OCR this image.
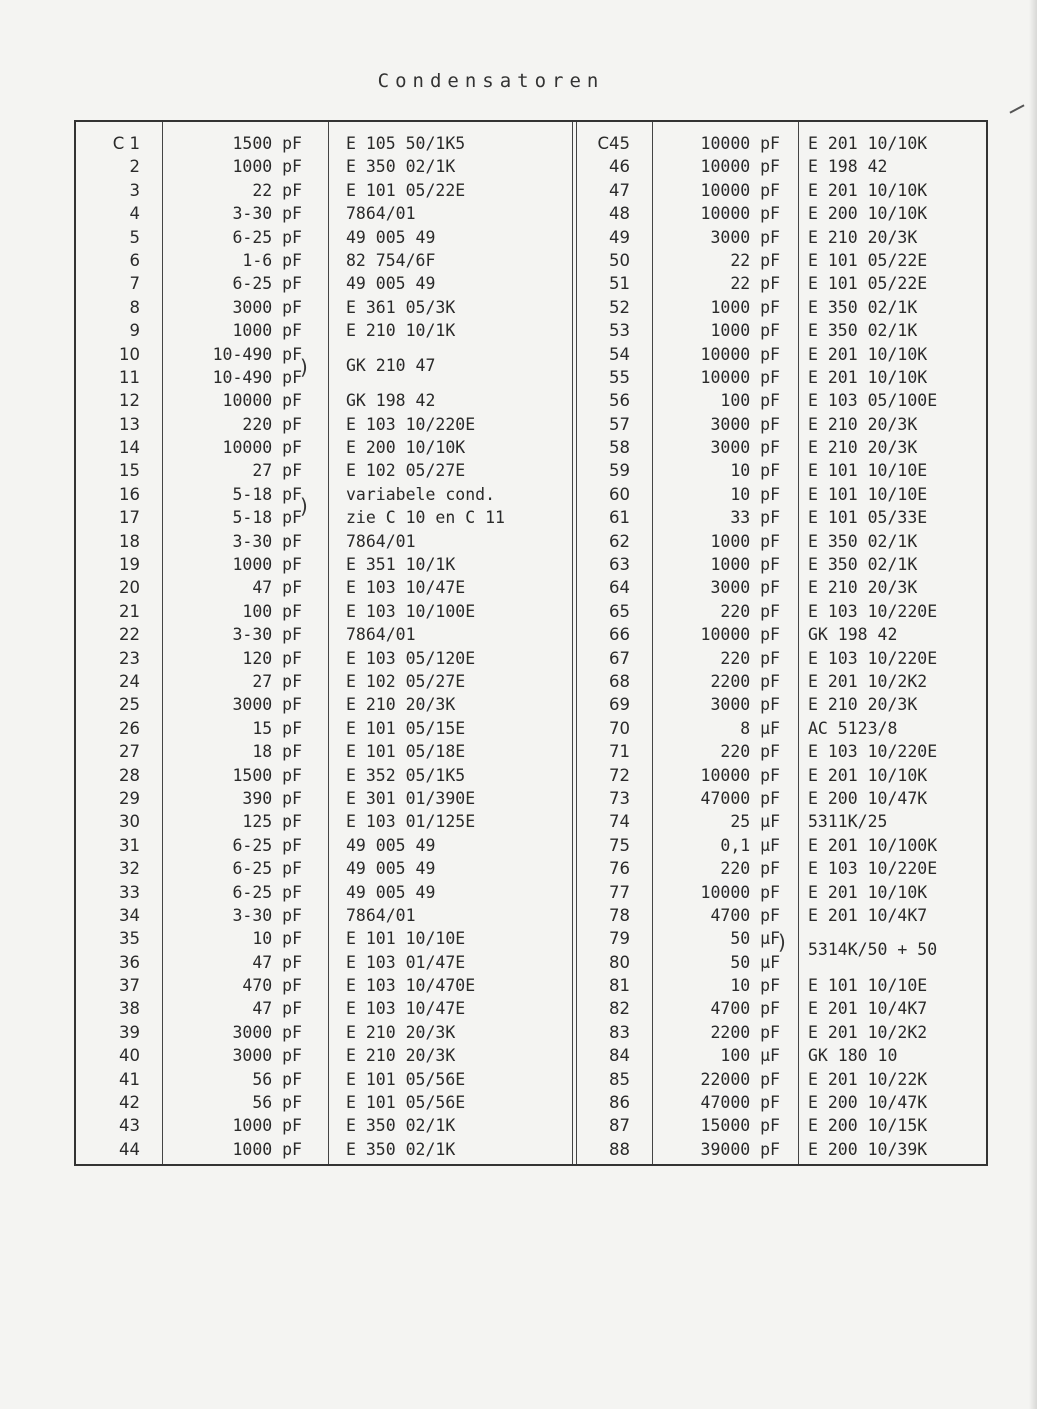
Condensatoren
C 1
2
3
4
5
6
7
8
9
10
11
12
13
14
15
16
17
18
19
20
21
22
23
24
25
26
27
28
29
30
31
32
33
34
35
36
37
38
39
40
41
42
43
44
1500 pF
1000 pF
22 pF
3-30 pF
6-25 pF
1-6 pF
6-25 pF
3000 pF
1000 pF
10-490 pF
10-490 pF
10000 pF
220 pF
10000 pF
27 pF
5-18 pF
5-18 pF
3-30 pF
1000 pF
47 pF
100 pF
3-30 pF
120 pF
27 pF
3000 pF
15 pF
18 pF
1500 pF
390 pF
125 pF
6-25 pF
6-25 pF
6-25 pF
3-30 pF
10 pF
47 pF
470 pF
47 pF
3000 pF
3000 pF
56 pF
56 pF
1000 pF
1000 pF
E 105 50/1K5
E 350 02/1K
E 101 05/22E
7864/01
49 005 49
82 754/6F
49 005 49
E 361 05/3K
E 210 10/1K
GK 210 47
GK 198 42
E 103 10/220E
E 200 10/10K
E 102 05/27E
variabele cond.
zie C 10 en C 11
7864/01
E 351 10/1K
E 103 10/47E
E 103 10/100E
7864/01
E 103 05/120E
E 102 05/27E
E 210 20/3K
E 101 05/15E
E 101 05/18E
E 352 05/1K5
E 301 01/390E
E 103 01/125E
49 005 49
49 005 49
49 005 49
7864/01
E 101 10/10E
E 103 01/47E
E 103 10/470E
E 103 10/47E
E 210 20/3K
E 210 20/3K
E 101 05/56E
E 101 05/56E
E 350 02/1K
E 350 02/1K
C45
46
47
48
49
50
51
52
53
54
55
56
57
58
59
60
61
62
63
64
65
66
67
68
69
70
71
72
73
74
75
76
77
78
79
80
81
82
83
84
85
86
87
88
10000 pF
10000 pF
10000 pF
10000 pF
3000 pF
22 pF
22 pF
1000 pF
1000 pF
10000 pF
10000 pF
100 pF
3000 pF
3000 pF
10 pF
10 pF
33 pF
1000 pF
1000 pF
3000 pF
220 pF
10000 pF
220 pF
2200 pF
3000 pF
8 µF
220 pF
10000 pF
47000 pF
25 µF
0,1 µF
220 pF
10000 pF
4700 pF
50 µF
50 µF
10 pF
4700 pF
2200 pF
100 µF
22000 pF
47000 pF
15000 pF
39000 pF
E 201 10/10K
E 198 42
E 201 10/10K
E 200 10/10K
E 210 20/3K
E 101 05/22E
E 101 05/22E
E 350 02/1K
E 350 02/1K
E 201 10/10K
E 201 10/10K
E 103 05/100E
E 210 20/3K
E 210 20/3K
E 101 10/10E
E 101 10/10E
E 101 05/33E
E 350 02/1K
E 350 02/1K
E 210 20/3K
E 103 10/220E
GK 198 42
E 103 10/220E
E 201 10/2K2
E 210 20/3K
AC 5123/8
E 103 10/220E
E 201 10/10K
E 200 10/47K
5311K/25
E 201 10/100K
E 103 10/220E
E 201 10/10K
E 201 10/4K7
5314K/50 + 50
E 101 10/10E
E 201 10/4K7
E 201 10/2K2
GK 180 10
E 201 10/22K
E 200 10/47K
E 200 10/15K
E 200 10/39K
)
)
)
